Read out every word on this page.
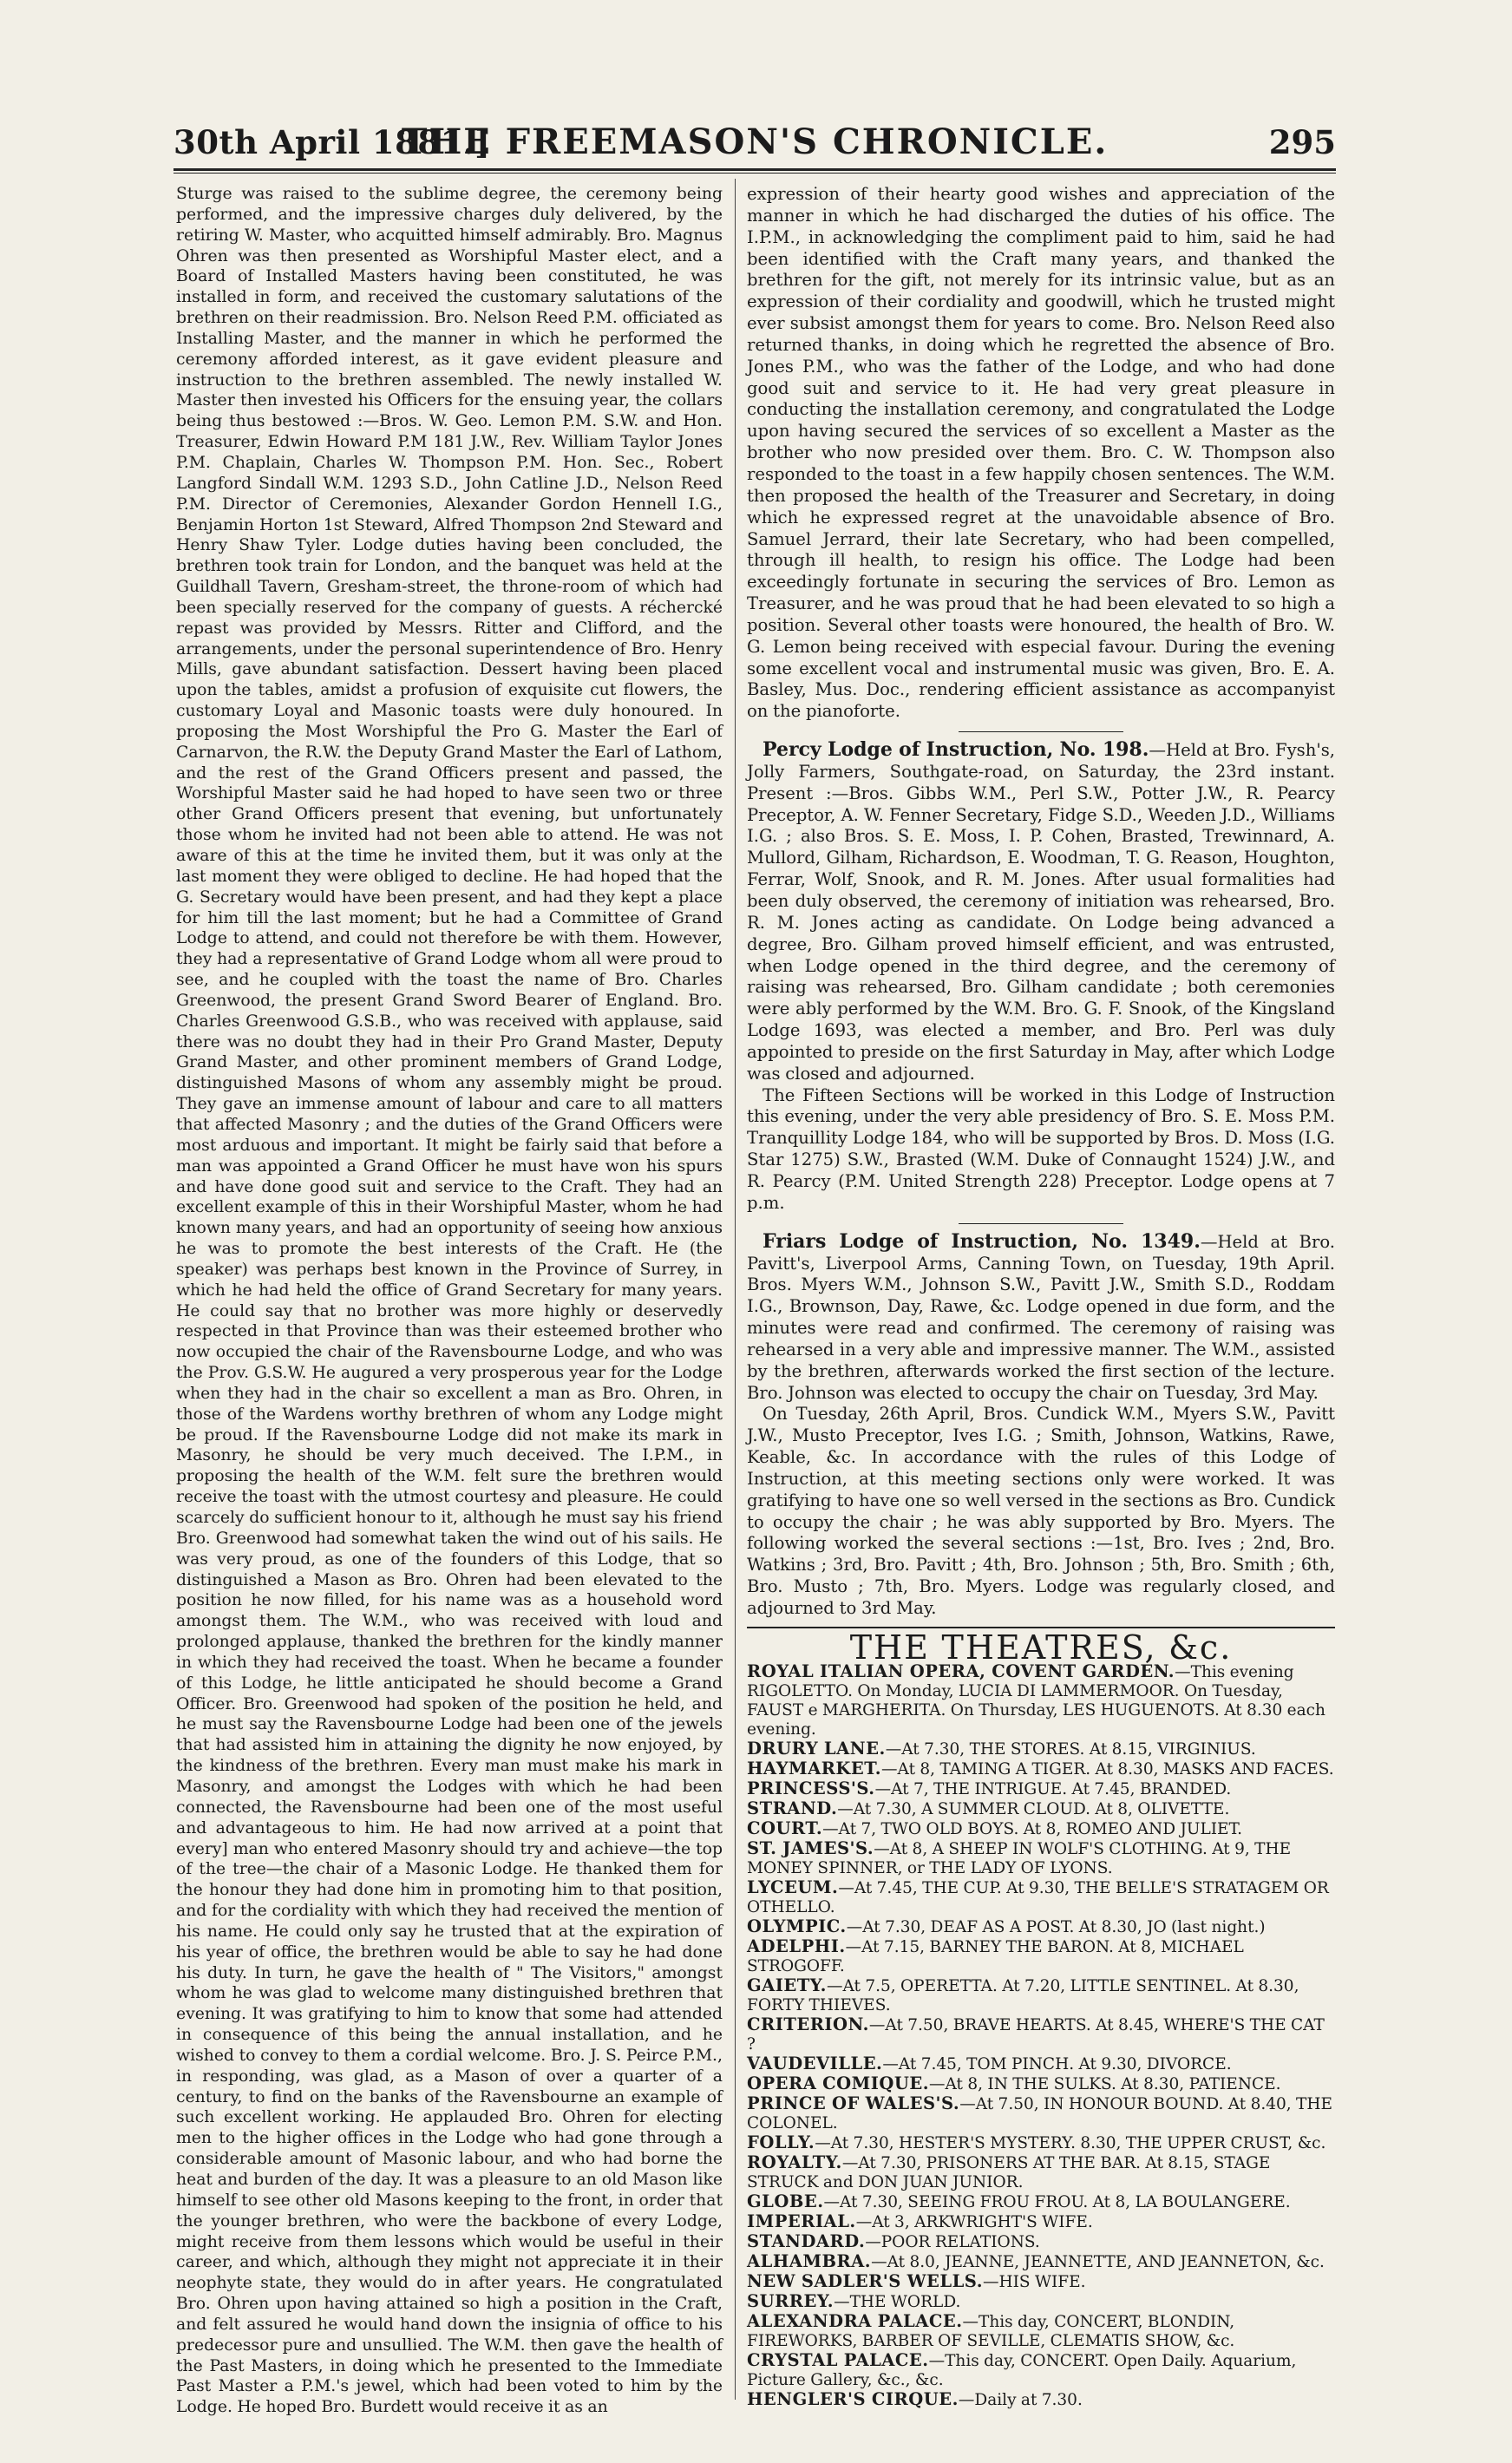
30th April 1881.]
THE FREEMASON'S CHRONICLE.	295

Sturge was raised to the sublime degree, the ceremony being performed, and the impressive charges duly delivered, by the retiring W. Master, who acquitted himself admirably. Bro. Magnus Ohren was then presented as Worshipful Master elect, and a Board of Installed Masters having been constituted, he was installed in form, and received the customary salutations of the brethren on their readmission. Bro. Nelson Reed P.M. officiated as Installing Master, and the manner in which he performed the ceremony afforded interest, as it gave evident pleasure and instruction to the brethren assembled. The newly installed W. Master then invested his Officers for the ensuing year, the collars being thus bestowed :—Bros. W. Geo. Lemon P.M. S.W. and Hon. Treasurer, Edwin Howard P.M 181 J.W., Rev. William Taylor Jones P.M. Chaplain, Charles W. Thompson P.M. Hon. Sec., Robert Langford Sindall W.M. 1293 S.D., John Catline J.D., Nelson Reed P.M. Director of Ceremonies, Alexander Gordon Hennell I.G., Benjamin Horton 1st Steward, Alfred Thompson 2nd Steward and Henry Shaw Tyler. Lodge duties having been concluded, the brethren took train for London, and the banquet was held at the Guildhall Tavern, Gresham-street, the throne-room of which had been specially reserved for the company of guests. A réchercké repast was provided by Messrs. Ritter and Clifford, and the arrangements, under the personal superintendence of Bro. Henry Mills, gave abundant satisfaction. Dessert having been placed upon the tables, amidst a profusion of exquisite cut flowers, the customary Loyal and Masonic toasts were duly honoured. In proposing the Most Worshipful the Pro G. Master the Earl of Carnarvon, the R.W. the Deputy Grand Master the Earl of Lathom, and the rest of the Grand Officers present and passed, the Worshipful Master said he had hoped to have seen two or three other Grand Officers present that evening, but unfortunately those whom he invited had not been able to attend. He was not aware of this at the time he invited them, but it was only at the last moment they were obliged to decline. He had hoped that the G. Secretary would have been present, and had they kept a place for him till the last moment; but he had a Committee of Grand Lodge to attend, and could not therefore be with them. However, they had a representative of Grand Lodge whom all were proud to see, and he coupled with the toast the name of Bro. Charles Greenwood, the present Grand Sword Bearer of England. Bro. Charles Greenwood G.S.B., who was received with applause, said there was no doubt they had in their Pro Grand Master, Deputy Grand Master, and other prominent members of Grand Lodge, distinguished Masons of whom any assembly might be proud. They gave an immense amount of labour and care to all matters that affected Masonry ; and the duties of the Grand Officers were most arduous and important. It might be fairly said that before a man was appointed a Grand Officer he must have won his spurs and have done good suit and service to the Craft. They had an excellent example of this in their Worshipful Master, whom he had known many years, and had an opportunity of seeing how anxious he was to promote the best interests of the Craft. He (the speaker) was perhaps best known in the Province of Surrey, in which he had held the office of Grand Secretary for many years. He could say that no brother was more highly or deservedly respected in that Province than was their esteemed brother who now occupied the chair of the Ravensbourne Lodge, and who was the Prov. G.S.W. He augured a very prosperous year for the Lodge when they had in the chair so excellent a man as Bro. Ohren, in those of the Wardens worthy brethren of whom any Lodge might be proud. If the Ravensbourne Lodge did not make its mark in Masonry, he should be very much deceived. The I.P.M., in proposing the health of the W.M. felt sure the brethren would receive the toast with the utmost courtesy and pleasure. He could scarcely do sufficient honour to it, although he must say his friend Bro. Greenwood had somewhat taken the wind out of his sails. He was very proud, as one of the founders of this Lodge, that so distinguished a Mason as Bro. Ohren had been elevated to the position he now filled, for his name was as a household word amongst them. The W.M., who was received with loud and prolonged applause, thanked the brethren for the kindly manner in which they had received the toast. When he became a founder of this Lodge, he little anticipated he should become a Grand Officer. Bro. Greenwood had spoken of the position he held, and he must say the Ravensbourne Lodge had been one of the jewels that had assisted him in attaining the dignity he now enjoyed, by the kindness of the brethren. Every man must make his mark in Masonry, and amongst the Lodges with which he had been connected, the Ravensbourne had been one of the most useful and advantageous to him. He had now arrived at a point that every] man who entered Masonry should try and achieve—the top of the tree—the chair of a Masonic Lodge. He thanked them for the honour they had done him in promoting him to that position, and for the cordiality with which they had received the mention of his name. He could only say he trusted that at the expiration of his year of office, the brethren would be able to say he had done his duty. In turn, he gave the health of " The Visitors," amongst whom he was glad to welcome many distinguished brethren that evening. It was gratifying to him to know that some had attended in consequence of this being the annual installation, and he wished to convey to them a cordial welcome. Bro. J. S. Peirce P.M., in responding, was glad, as a Mason of over a quarter of a century, to find on the banks of the Ravensbourne an example of such excellent working. He applauded Bro. Ohren for electing men to the higher offices in the Lodge who had gone through a considerable amount of Masonic labour, and who had borne the heat and burden of the day. It was a pleasure to an old Mason like himself to see other old Masons keeping to the front, in order that the younger brethren, who were the backbone of every Lodge, might receive from them lessons which would be useful in their career, and which, although they might not appreciate it in their neophyte state, they would do in after years. He congratulated Bro. Ohren upon having attained so high a position in the Craft, and felt assured he would hand down the insignia of office to his predecessor pure and unsullied. The W.M. then gave the health of the Past Masters, in doing which he presented to the Immediate Past Master a P.M.'s jewel, which had been voted to him by the Lodge. He hoped Bro. Burdett would receive it as an

expression of their hearty good wishes and appreciation of the manner in which he had discharged the duties of his office. The I.P.M., in acknowledging the compliment paid to him, said he had been identified with the Craft many years, and thanked the brethren for the gift, not merely for its intrinsic value, but as an expression of their cordiality and goodwill, which he trusted might ever subsist amongst them for years to come. Bro. Nelson Reed also returned thanks, in doing which he regretted the absence of Bro. Jones P.M., who was the father of the Lodge, and who had done good suit and service to it. He had very great pleasure in conducting the installation ceremony, and congratulated the Lodge upon having secured the services of so excellent a Master as the brother who now presided over them. Bro. C. W. Thompson also responded to the toast in a few happily chosen sentences. The W.M. then proposed the health of the Treasurer and Secretary, in doing which he expressed regret at the unavoidable absence of Bro. Samuel Jerrard, their late Secretary, who had been compelled, through ill health, to resign his office. The Lodge had been exceedingly fortunate in securing the services of Bro. Lemon as Treasurer, and he was proud that he had been elevated to so high a position. Several other toasts were honoured, the health of Bro. W. G. Lemon being received with especial favour. During the evening some excellent vocal and instrumental music was given, Bro. E. A. Basley, Mus. Doc., rendering efficient assistance as accompanyist on the pianoforte.

Percy Lodge of Instruction, No. 198.—Held at Bro. Fysh's, Jolly Farmers, Southgate-road, on Saturday, the 23rd instant. Present :—Bros. Gibbs W.M., Perl S.W., Potter J.W., R. Pearcy Preceptor, A. W. Fenner Secretary, Fidge S.D., Weeden J.D., Williams I.G. ; also Bros. S. E. Moss, I. P. Cohen, Brasted, Trewinnard, A. Mullord, Gilham, Richardson, E. Woodman, T. G. Reason, Houghton, Ferrar, Wolf, Snook, and R. M. Jones. After usual formalities had been duly observed, the ceremony of initiation was rehearsed, Bro. R. M. Jones acting as candidate. On Lodge being advanced a degree, Bro. Gilham proved himself efficient, and was entrusted, when Lodge opened in the third degree, and the ceremony of raising was rehearsed, Bro. Gilham candidate ; both ceremonies were ably performed by the W.M. Bro. G. F. Snook, of the Kingsland Lodge 1693, was elected a member, and Bro. Perl was duly appointed to preside on the first Saturday in May, after which Lodge was closed and adjourned.

The Fifteen Sections will be worked in this Lodge of Instruction this evening, under the very able presidency of Bro. S. E. Moss P.M. Tranquillity Lodge 184, who will be supported by Bros. D. Moss (I.G. Star 1275) S.W., Brasted (W.M. Duke of Connaught 1524) J.W., and R. Pearcy (P.M. United Strength 228) Preceptor. Lodge opens at 7 p.m.

Friars Lodge of Instruction, No. 1349.—Held at Bro. Pavitt's, Liverpool Arms, Canning Town, on Tuesday, 19th April. Bros. Myers W.M., Johnson S.W., Pavitt J.W., Smith S.D., Roddam I.G., Brownson, Day, Rawe, &c. Lodge opened in due form, and the minutes were read and confirmed. The ceremony of raising was rehearsed in a very able and impressive manner. The W.M., assisted by the brethren, afterwards worked the first section of the lecture. Bro. Johnson was elected to occupy the chair on Tuesday, 3rd May.

On Tuesday, 26th April, Bros. Cundick W.M., Myers S.W., Pavitt J.W., Musto Preceptor, Ives I.G. ; Smith, Johnson, Watkins, Rawe, Keable, &c. In accordance with the rules of this Lodge of Instruction, at this meeting sections only were worked. It was gratifying to have one so well versed in the sections as Bro. Cundick to occupy the chair ; he was ably supported by Bro. Myers. The following worked the several sections :—1st, Bro. Ives ; 2nd, Bro. Watkins ; 3rd, Bro. Pavitt ; 4th, Bro. Johnson ; 5th, Bro. Smith ; 6th, Bro. Musto ; 7th, Bro. Myers. Lodge was regularly closed, and adjourned to 3rd May.

THE THEATRES, &c.

ROYAL ITALIAN OPERA, COVENT GARDEN.—This evening RIGOLETTO. On Monday, LUCIA DI LAMMERMOOR. On Tuesday, FAUST e MARGHERITA. On Thursday, LES HUGUENOTS. At 8.30 each evening.

DRURY LANE.—At 7.30, THE STORES. At 8.15, VIRGINIUS.

HAYMARKET.—At 8, TAMING A TIGER. At 8.30, MASKS AND FACES.

PRINCESS'S.—At 7, THE INTRIGUE. At 7.45, BRANDED.

STRAND.—At 7.30, A SUMMER CLOUD. At 8, OLIVETTE.

COURT.—At 7, TWO OLD BOYS. At 8, ROMEO AND JULIET.

ST. JAMES'S.—At 8, A SHEEP IN WOLF'S CLOTHING. At 9, THE MONEY SPINNER, or THE LADY OF LYONS.

LYCEUM.—At 7.45, THE CUP. At 9.30, THE BELLE'S STRATAGEM OR OTHELLO.

OLYMPIC.—At 7.30, DEAF AS A POST. At 8.30, JO (last night.)

ADELPHI.—At 7.15, BARNEY THE BARON. At 8, MICHAEL STROGOFF.

GAIETY.—At 7.5, OPERETTA. At 7.20, LITTLE SENTINEL. At 8.30, FORTY THIEVES.

CRITERION.—At 7.50, BRAVE HEARTS. At 8.45, WHERE'S THE CAT ?

VAUDEVILLE.—At 7.45, TOM PINCH. At 9.30, DIVORCE.

OPERA COMIQUE.—At 8, IN THE SULKS. At 8.30, PATIENCE.

PRINCE OF WALES'S.—At 7.50, IN HONOUR BOUND. At 8.40, THE COLONEL.

FOLLY.—At 7.30, HESTER'S MYSTERY. 8.30, THE UPPER CRUST, &c.

ROYALTY.—At 7.30, PRISONERS AT THE BAR. At 8.15, STAGE STRUCK and DON JUAN JUNIOR.

GLOBE.—At 7.30, SEEING FROU FROU. At 8, LA BOULANGERE.

IMPERIAL.—At 3, ARKWRIGHT'S WIFE.

STANDARD.—POOR RELATIONS.

ALHAMBRA.—At 8.0, JEANNE, JEANNETTE, AND JEANNETON, &c.

NEW SADLER'S WELLS.—HIS WIFE.

SURREY.—THE WORLD.

ALEXANDRA PALACE.—This day, CONCERT, BLONDIN, FIREWORKS, BARBER OF SEVILLE, CLEMATIS SHOW, &c.

CRYSTAL PALACE.—This day, CONCERT. Open Daily. Aquarium, Picture Gallery, &c., &c.

HENGLER'S CIRQUE.—Daily at 7.30.
